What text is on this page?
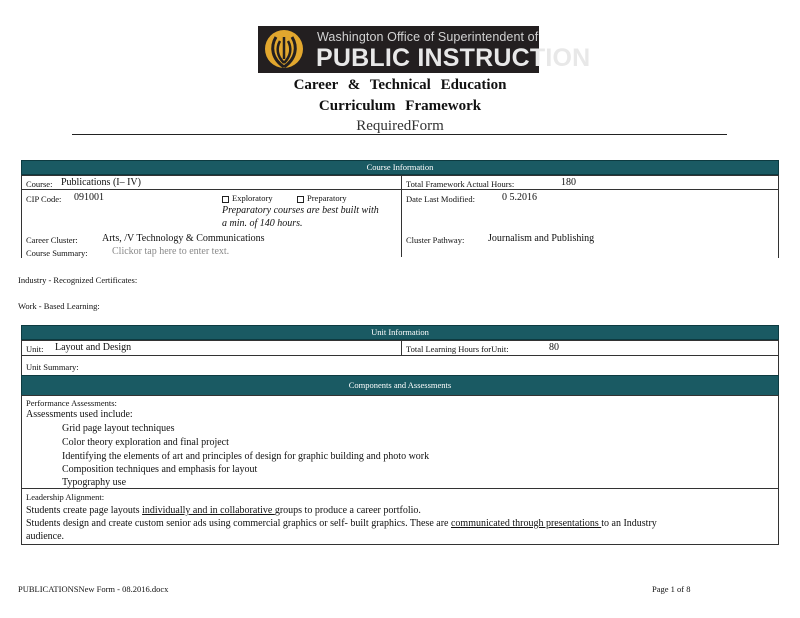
Washington Office of Superintendent of
PUBLIC INSTRUCTION
Career & Technical Education
Curriculum Framework
RequiredForm
Course Information
Course: Publications (I– IV)	Total Framework Actual Hours:	180
CIP Code: 091001	Exploratory	Preparatory
Preparatory courses are best built with
a min. of 140 hours.
Date Last Modified:	0 5.2016
Career Cluster: Arts, /V Technology & Communications	Cluster Pathway: Journalism and Publishing
Course Summary: Clickor tap here to enter text.
Industry - Recognized Certificates:
Work - Based Learning:
Unit Information
Unit: Layout and Design	Total Learning Hours forUnit:	80
Unit Summary:
Components and Assessments
Performance Assessments:
Assessments used include:
Grid page layout techniques
Color theory exploration and final project
Identifying the elements of art and principles of design for graphic building and photo work
Composition techniques and emphasis for layout
Typography use
Leadership Alignment:
Students create page layouts individually and in collaborative groups to produce a career portfolio.
Students design and create custom senior ads using commercial graphics or self- built graphics. These are communicated through presentations to an Industry
audience.
PUBLICATIONSNew Form - 08.2016.docx	Page 1 of 8
